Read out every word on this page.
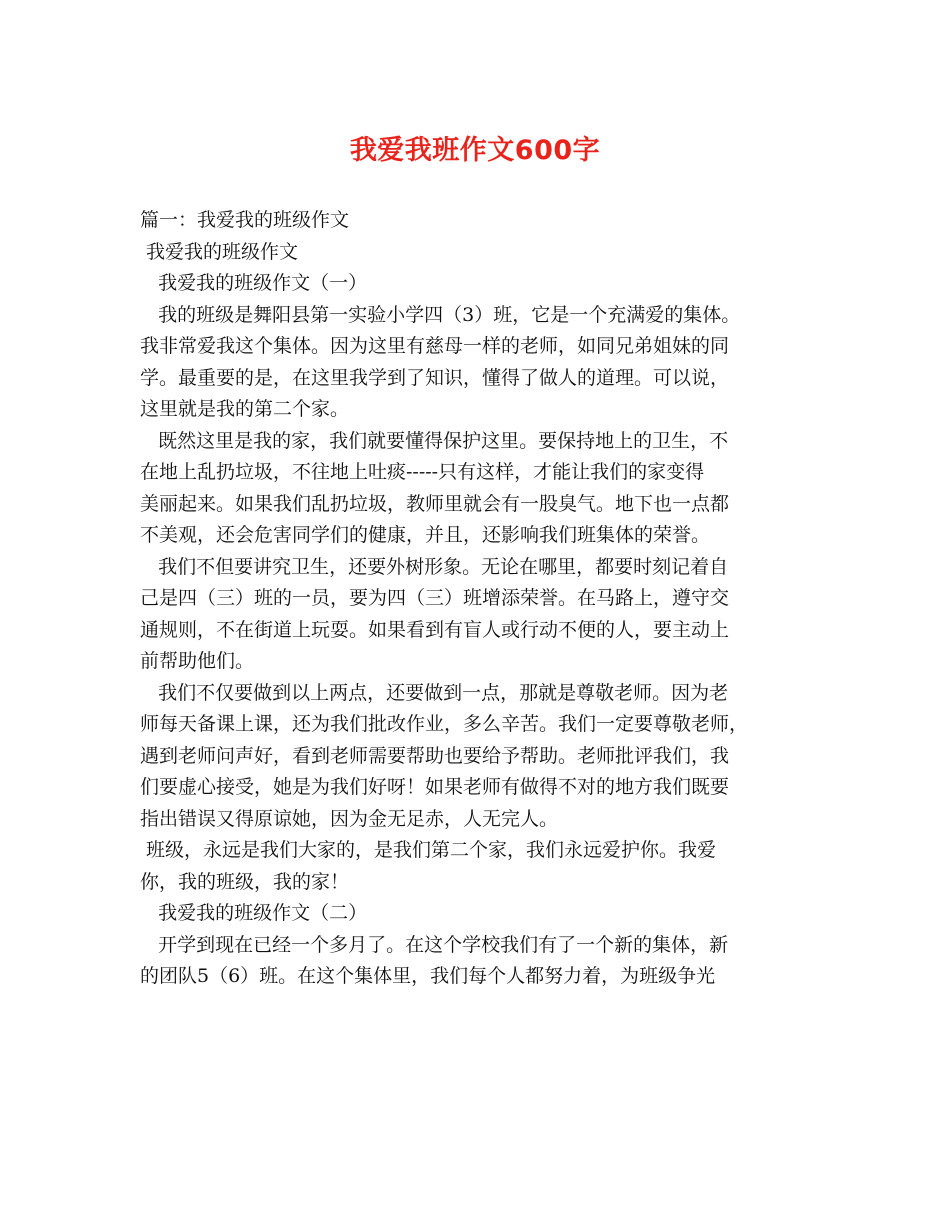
我爱我班作文600字
篇一：我爱我的班级作文
我爱我的班级作文
我爱我的班级作文（一）
我的班级是舞阳县第一实验小学四（3）班，它是一个充满爱的集体。
我非常爱我这个集体。因为这里有慈母一样的老师，如同兄弟姐妹的同
学。最重要的是，在这里我学到了知识，懂得了做人的道理。可以说，
这里就是我的第二个家。
既然这里是我的家，我们就要懂得保护这里。要保持地上的卫生，不
在地上乱扔垃圾，不往地上吐痰-----只有这样，才能让我们的家变得
美丽起来。如果我们乱扔垃圾，教师里就会有一股臭气。地下也一点都
不美观，还会危害同学们的健康，并且，还影响我们班集体的荣誉。
我们不但要讲究卫生，还要外树形象。无论在哪里，都要时刻记着自
己是四（三）班的一员，要为四（三）班增添荣誉。在马路上，遵守交
通规则，不在街道上玩耍。如果看到有盲人或行动不便的人，要主动上
前帮助他们。
我们不仅要做到以上两点，还要做到一点，那就是尊敬老师。因为老
师每天备课上课，还为我们批改作业，多么辛苦。我们一定要尊敬老师，
遇到老师问声好，看到老师需要帮助也要给予帮助。老师批评我们，我
们要虚心接受，她是为我们好呀！如果老师有做得不对的地方我们既要
指出错误又得原谅她，因为金无足赤，人无完人。
班级，永远是我们大家的，是我们第二个家，我们永远爱护你。我爱
你，我的班级，我的家！
我爱我的班级作文（二）
开学到现在已经一个多月了。在这个学校我们有了一个新的集体，新
的团队5（6）班。在这个集体里，我们每个人都努力着，为班级争光
